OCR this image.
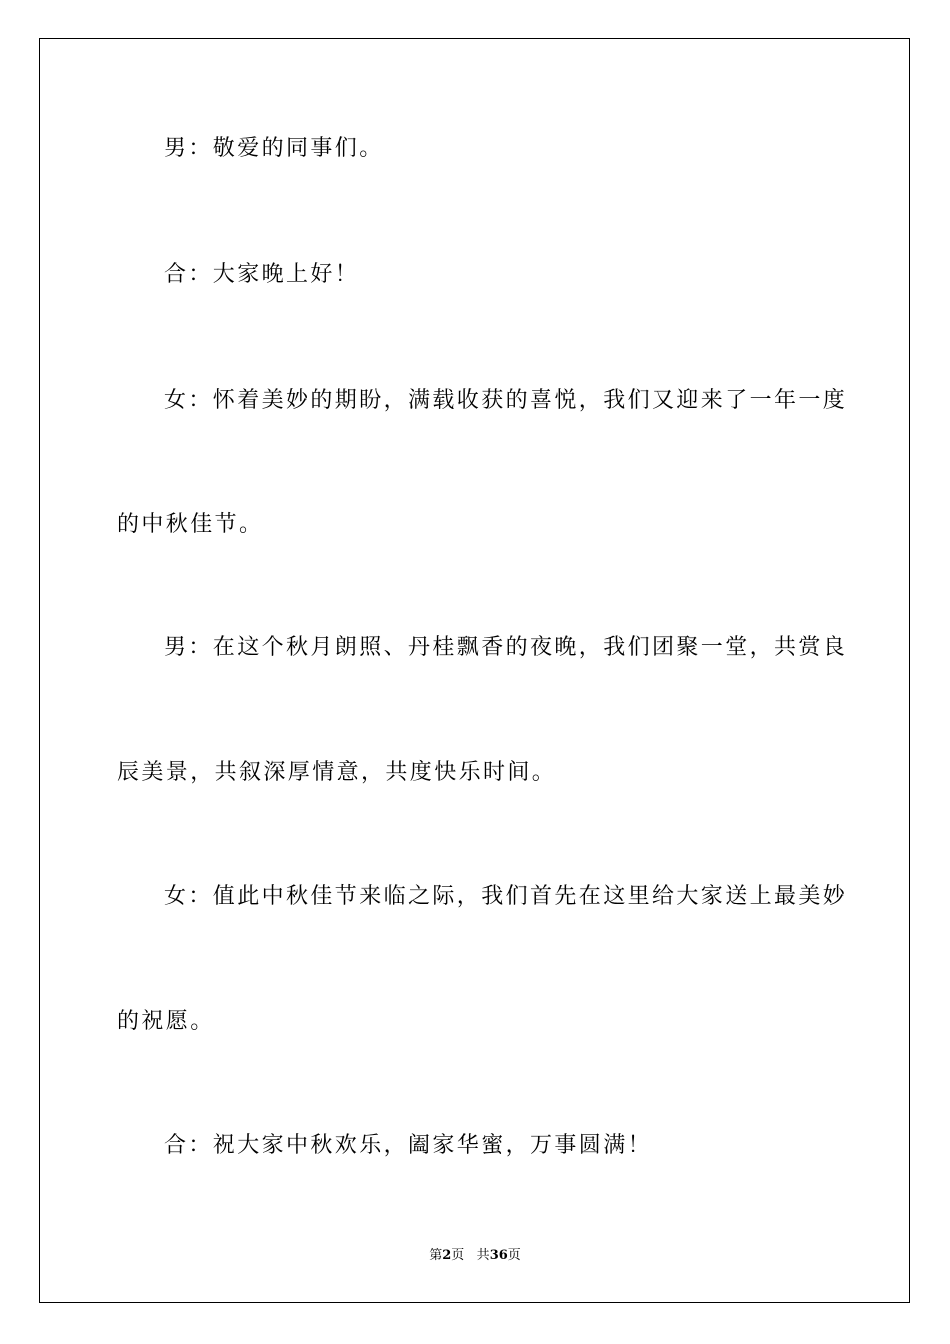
男：敬爱的同事们。
合：大家晚上好！
女：怀着美妙的期盼，满载收获的喜悦，我们又迎来了一年一度
的中秋佳节。
男：在这个秋月朗照、丹桂飘香的夜晚，我们团聚一堂，共赏良
辰美景，共叙深厚情意，共度快乐时间。
女：值此中秋佳节来临之际，我们首先在这里给大家送上最美妙
的祝愿。
合：祝大家中秋欢乐，阖家华蜜，万事圆满！
第2页 共36页
